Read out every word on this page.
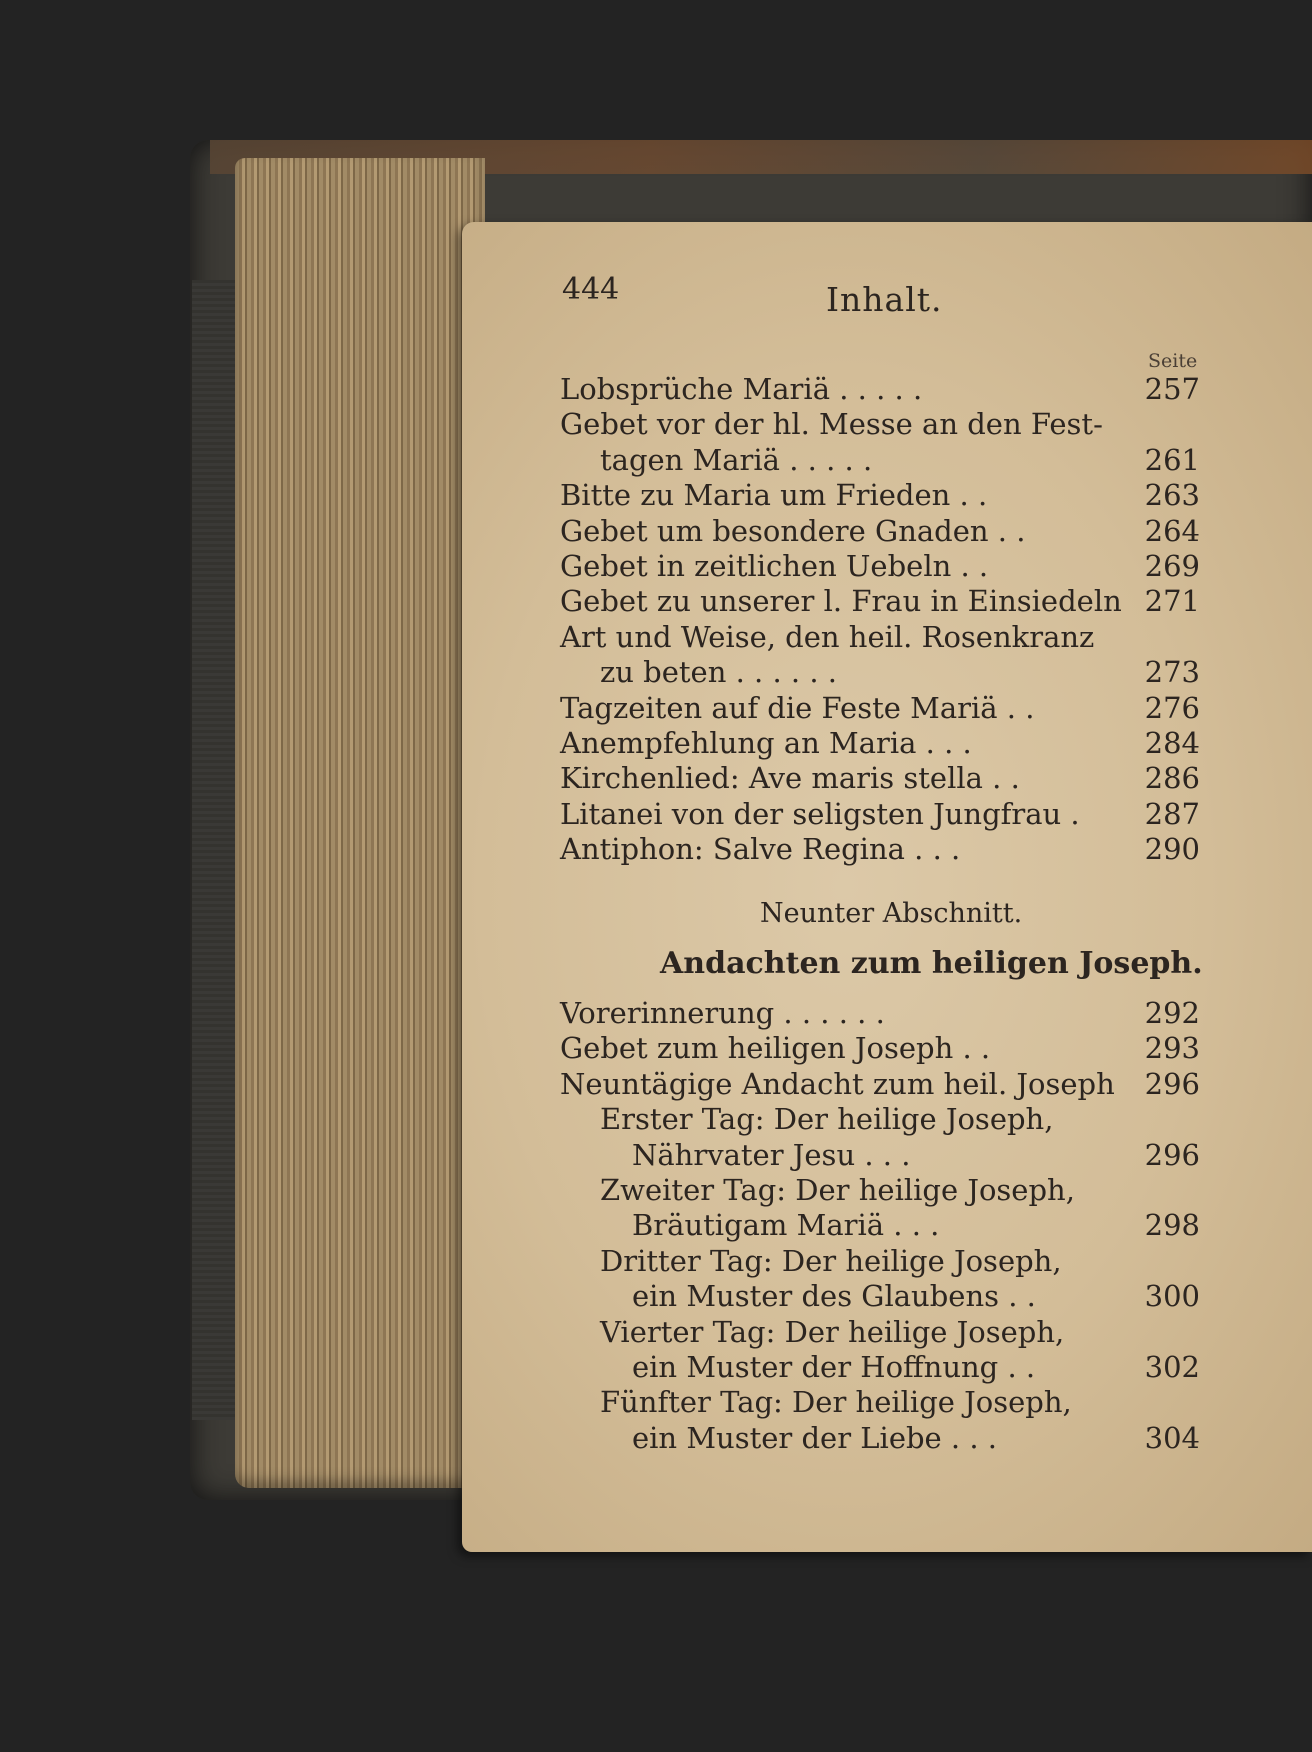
444	Inhalt.
Seite
Lobsprüche Mariä . . . . .	257
Gebet vor der hl. Messe an den Fest-
tagen Mariä . . . . .	261
Bitte zu Maria um Frieden . .	263
Gebet um besondere Gnaden . .	264
Gebet in zeitlichen Uebeln . .	269
Gebet zu unserer l. Frau in Einsiedeln 271
Art und Weise, den heil. Rosenkranz
zu beten . . . . . .	273
Tagzeiten auf die Feste Mariä . .	276
Anempfehlung an Maria . . .	284
Kirchenlied: Ave maris stella . .	286
Litanei von der seligsten Jungfrau . 287
Antiphon: Salve Regina . . .	290
Neunter Abschnitt.
Andachten zum heiligen Joseph.
Vorerinnerung . . . . . .	292
Gebet zum heiligen Joseph . .	293
Neuntägige Andacht zum heil. Joseph 296
Erster Tag: Der heilige Joseph,
Nährvater Jesu . . .	296
Zweiter Tag: Der heilige Joseph,
Bräutigam Mariä . . .	298
Dritter Tag: Der heilige Joseph,
ein Muster des Glaubens . .	300
Vierter Tag: Der heilige Joseph,
ein Muster der Hoffnung . .	302
Fünfter Tag: Der heilige Joseph,
ein Muster der Liebe . . .	304
